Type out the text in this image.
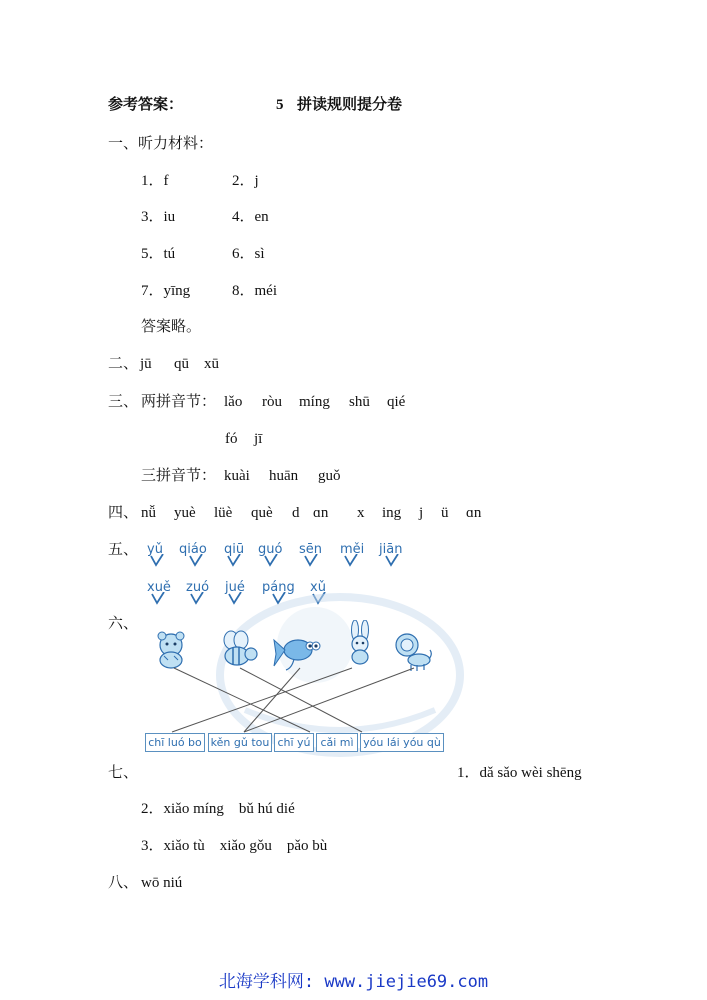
参考答案：	5 拼读规则提分卷
一、听力材料：
1．f	2．j
3．iu	4．en
5．tú	6．sì
7．yīng	8．méi
答案略。
二、 jū qū xū
三、 两拼音节： lǎo ròu míng shū qié
fó jī
三拼音节： kuài huān guǒ
四、 nǚ yuè lüè què d ɑn x ing j ü ɑn
五、 yǔ qiáo qiū guó sēn měi jiān
xuě zuó jué páng xǔ
六、
chī luó bo kěn gǔ tou chī yú cǎi mì yóu lái yóu qù
七、	1．dǎ sǎo wèi shēng
2．xiǎo míng　bǔ hú dié
3．xiǎo tù　xiǎo gǒu　pǎo bù
八、 wō niú
北海学科网: www.jiejie69.com
